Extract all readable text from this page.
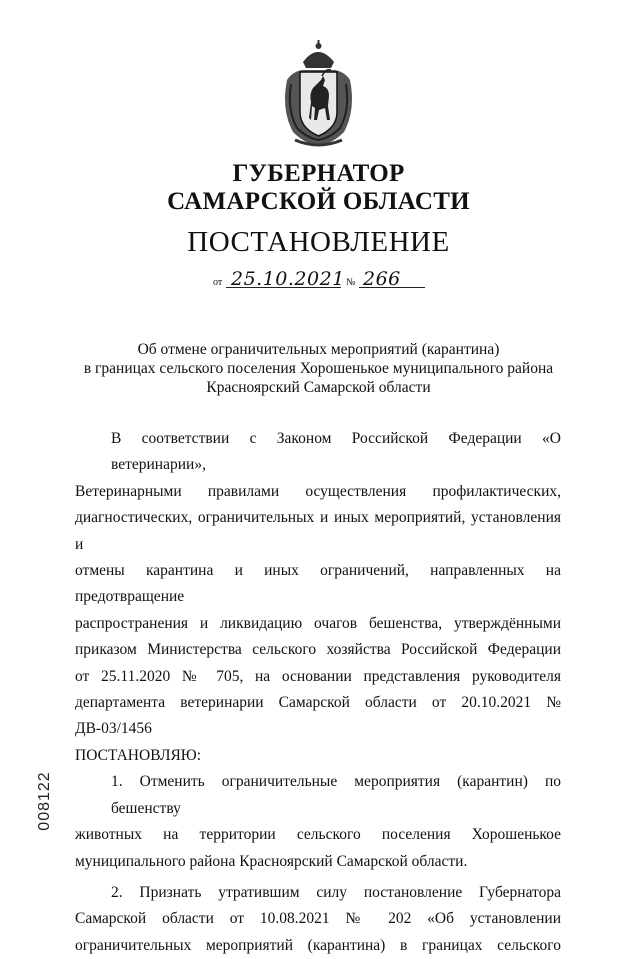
ГУБЕРНАТОР
САМАРСКОЙ ОБЛАСТИ
ПОСТАНОВЛЕНИЕ
от 25.10.2021 № 266
Об отмене ограничительных мероприятий (карантина)
в границах сельского поселения Хорошенькое муниципального района
Красноярский Самарской области
В соответствии с Законом Российской Федерации «О ветеринарии»,
Ветеринарными правилами осуществления профилактических,
диагностических, ограничительных и иных мероприятий, установления и
отмены карантина и иных ограничений, направленных на предотвращение
распространения и ликвидацию очагов бешенства, утверждёнными
приказом Министерства сельского хозяйства Российской Федерации
от 25.11.2020 № 705, на основании представления руководителя
департамента ветеринарии Самарской области от 20.10.2021 № ДВ-03/1456
ПОСТАНОВЛЯЮ:
1. Отменить ограничительные мероприятия (карантин) по бешенству
животных на территории сельского поселения Хорошенькое
муниципального района Красноярский Самарской области.
2. Признать утратившим силу постановление Губернатора
Самарской области от 10.08.2021 № 202 «Об установлении
ограничительных мероприятий (карантина) в границах сельского
008122
